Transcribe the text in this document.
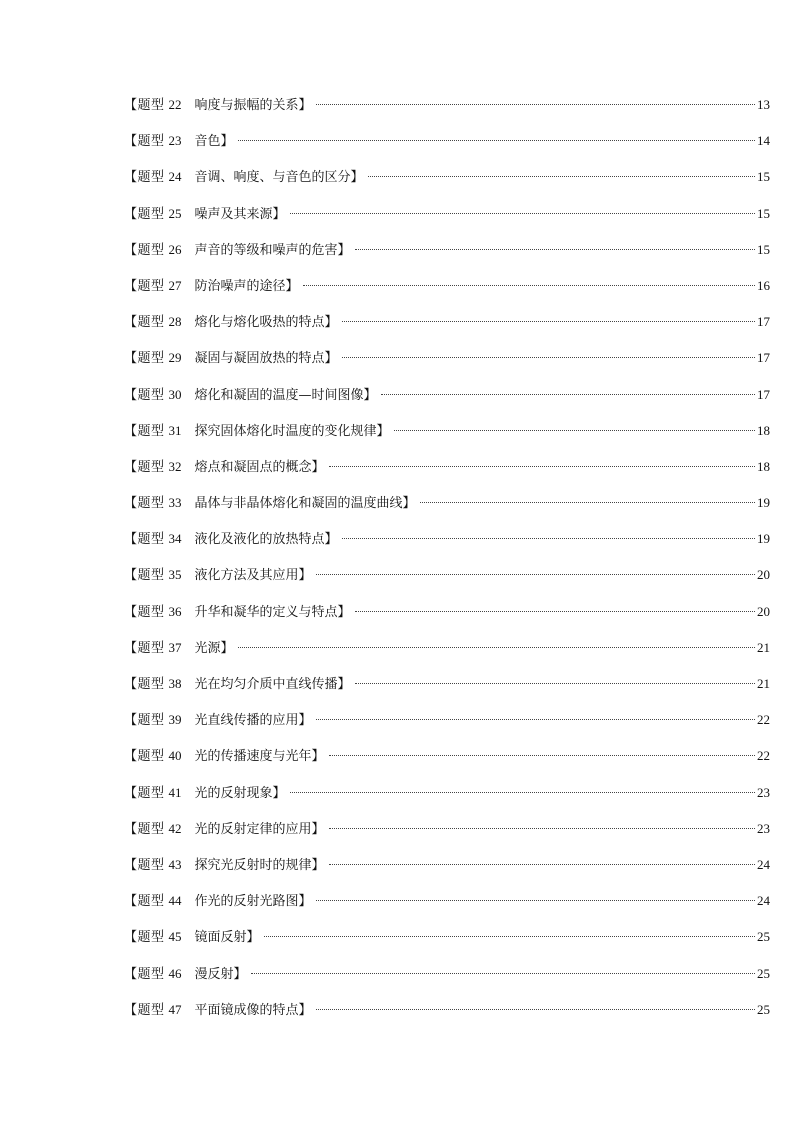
【题型 22 响度与振幅的关系】	13
【题型 23 音色】	14
【题型 24 音调、响度、与音色的区分】	15
【题型 25 噪声及其来源】	15
【题型 26 声音的等级和噪声的危害】	15
【题型 27 防治噪声的途径】	16
【题型 28 熔化与熔化吸热的特点】	17
【题型 29 凝固与凝固放热的特点】	17
【题型 30 熔化和凝固的温度—时间图像】	17
【题型 31 探究固体熔化时温度的变化规律】	18
【题型 32 熔点和凝固点的概念】	18
【题型 33 晶体与非晶体熔化和凝固的温度曲线】	19
【题型 34 液化及液化的放热特点】	19
【题型 35 液化方法及其应用】	20
【题型 36 升华和凝华的定义与特点】	20
【题型 37 光源】	21
【题型 38 光在均匀介质中直线传播】	21
【题型 39 光直线传播的应用】	22
【题型 40 光的传播速度与光年】	22
【题型 41 光的反射现象】	23
【题型 42 光的反射定律的应用】	23
【题型 43 探究光反射时的规律】	24
【题型 44 作光的反射光路图】	24
【题型 45 镜面反射】	25
【题型 46 漫反射】	25
【题型 47 平面镜成像的特点】	25
